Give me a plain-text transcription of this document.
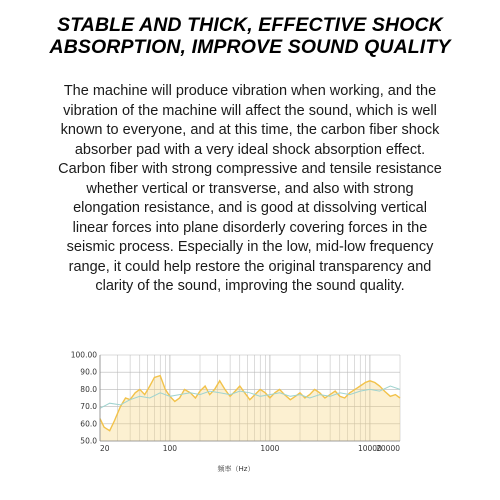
STABLE AND THICK, EFFECTIVE SHOCK
ABSORPTION, IMPROVE SOUND QUALITY
The machine will produce vibration when working, and the
vibration of the machine will affect the sound, which is well
known to everyone, and at this time, the carbon fiber shock
absorber pad with a very ideal shock absorption effect.
Carbon fiber with strong compressive and tensile resistance
whether vertical or transverse, and also with strong
elongation resistance, and is good at dissolving vertical
linear forces into plane disorderly covering forces in the
seismic process. Especially in the low, mid-low frequency
range, it could help restore the original transparency and
clarity of the sound, improving the sound quality.
100.00
90.0
80.0
70.0
60.0
50.0
20	100	1000	10000
20000
频率（Hz）
